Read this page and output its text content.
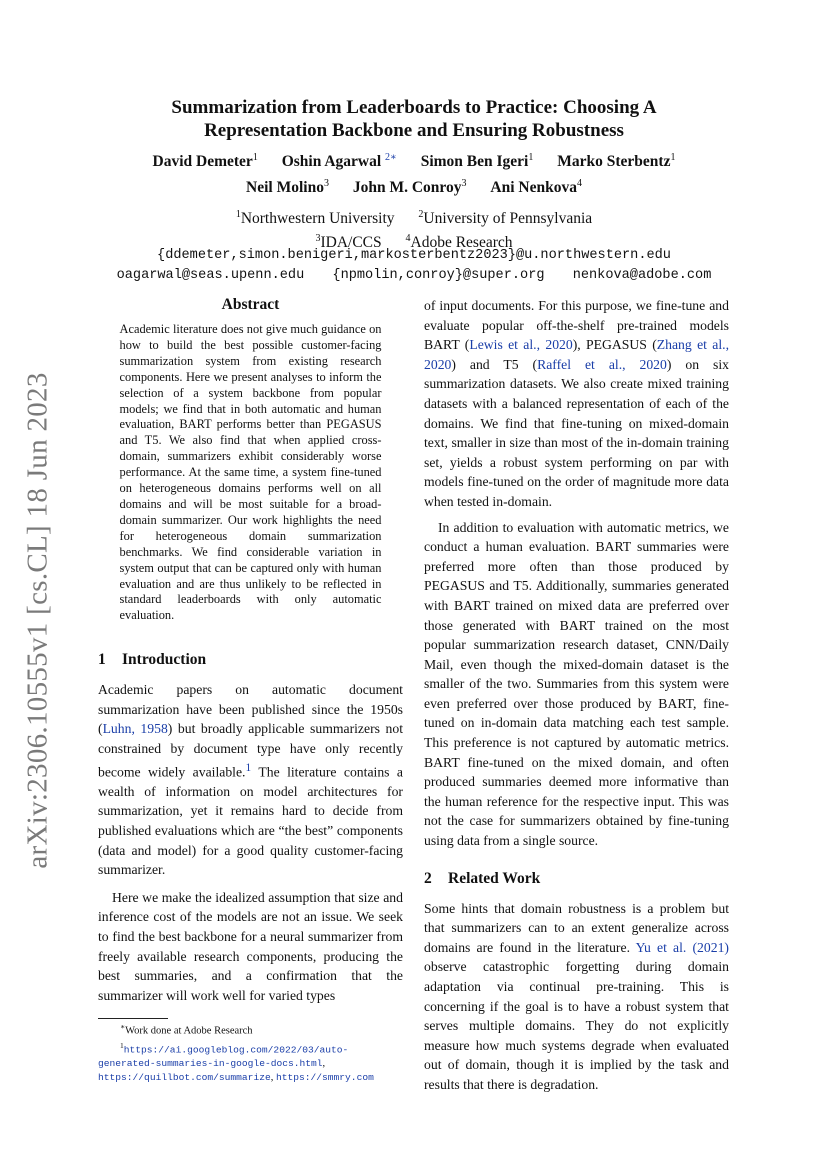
arXiv:2306.10555v1 [cs.CL] 18 Jun 2023
Summarization from Leaderboards to Practice: Choosing A
Representation Backbone and Ensuring Robustness
David Demeter$^1$ Oshin Agarwal $^{2∗}$ Simon Ben Igeri$^1$ Marko Sterbentz$^1$
Neil Molino$^3$ John M. Conroy$^3$ Ani Nenkova$^4$
$^1$Northwestern University $^2$University of Pennsylvania
$^3$IDA/CCS $^4$Adobe Research
{ddemeter,simon.benigeri,markosterbentz2023}@u.northwestern.edu
oagarwal@seas.upenn.edu {npmolin,conroy}@super.org nenkova@adobe.com
Abstract

Academic literature does not give much guidance on how to build the best possible customer-facing summarization system from existing research components. Here we present analyses to inform the selection of a system backbone from popular models; we find that in both automatic and human evaluation, BART performs better than PEGASUS and T5. We also find that when applied cross-domain, summarizers exhibit considerably worse performance. At the same time, a system fine-tuned on heterogeneous domains performs well on all domains and will be most suitable for a broad-domain summarizer. Our work highlights the need for heterogeneous domain summarization benchmarks. We find considerable variation in system output that can be captured only with human evaluation and are thus unlikely to be reflected in standard leaderboards with only automatic evaluation.

1 Introduction

Academic papers on automatic document summarization have been published since the 1950s (Luhn, 1958) but broadly applicable summarizers not constrained by document type have only recently become widely available.$^1$ The literature contains a wealth of information on model architectures for summarization, yet it remains hard to decide from published evaluations which are “the best” components (data and model) for a good quality customer-facing summarizer.

Here we make the idealized assumption that size and inference cost of the models are not an issue. We seek to find the best backbone for a neural summarizer from freely available research components, producing the best summaries, and a confirmation that the summarizer will work well for varied types

of input documents. For this purpose, we fine-tune and evaluate popular off-the-shelf pre-trained models BART (Lewis et al., 2020), PEGASUS (Zhang et al., 2020) and T5 (Raffel et al., 2020) on six summarization datasets. We also create mixed training datasets with a balanced representation of each of the domains. We find that fine-tuning on mixed-domain text, smaller in size than most of the in-domain training set, yields a robust system performing on par with models fine-tuned on the order of magnitude more data when tested in-domain.

In addition to evaluation with automatic metrics, we conduct a human evaluation. BART summaries were preferred more often than those produced by PEGASUS and T5. Additionally, summaries generated with BART trained on mixed data are preferred over those generated with BART trained on the most popular summarization research dataset, CNN/Daily Mail, even though the mixed-domain dataset is the smaller of the two. Summaries from this system were even preferred over those produced by BART, fine-tuned on in-domain data matching each test sample. This preference is not captured by automatic metrics. BART fine-tuned on the mixed domain, and often produced summaries deemed more informative than the human reference for the respective input. This was not the case for summarizers obtained by fine-tuning using data from a single source.

2 Related Work

Some hints that domain robustness is a problem but that summarizers can to an extent generalize across domains are found in the literature. Yu et al. (2021) observe catastrophic forgetting during domain adaptation via continual pre-training. This is concerning if the goal is to have a robust system that serves multiple domains. They do not explicitly measure how much systems degrade when evaluated out of domain, though it is implied by the task and results that there is degradation.

∗Work done at Adobe Research

$^1$https://ai.googleblog.com/2022/03/auto-generated-summaries-in-google-docs.html, https://quillbot.com/summarize, https://smmry.com
